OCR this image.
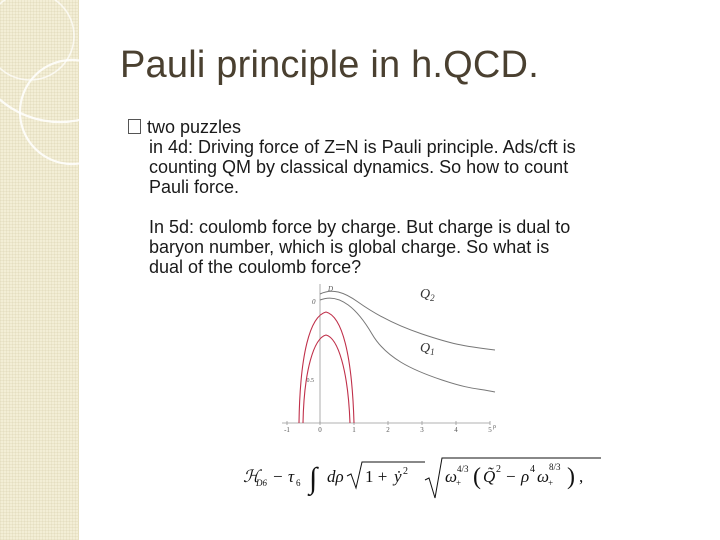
Pauli principle in h.QCD.
two puzzles
in 4d: Driving force of Z=N is Pauli principle. Ads/cft is
counting QM by classical dynamics. So how to count
Pauli force.
In 5d: coulomb force by charge. But charge is dual to
baryon number, which is global charge. So what is
dual of the coulomb force?
-1	0	1	2	3	4	5
0.5
ρ
D
0	$Q_2$
$Q_1$
ℋ
D6 − τ 6 ∫ dρ 1 + ẏ 2 ω
+
4/3 ( Q̃ 2 − ρ 4 ω
+
8/3 ) ,
